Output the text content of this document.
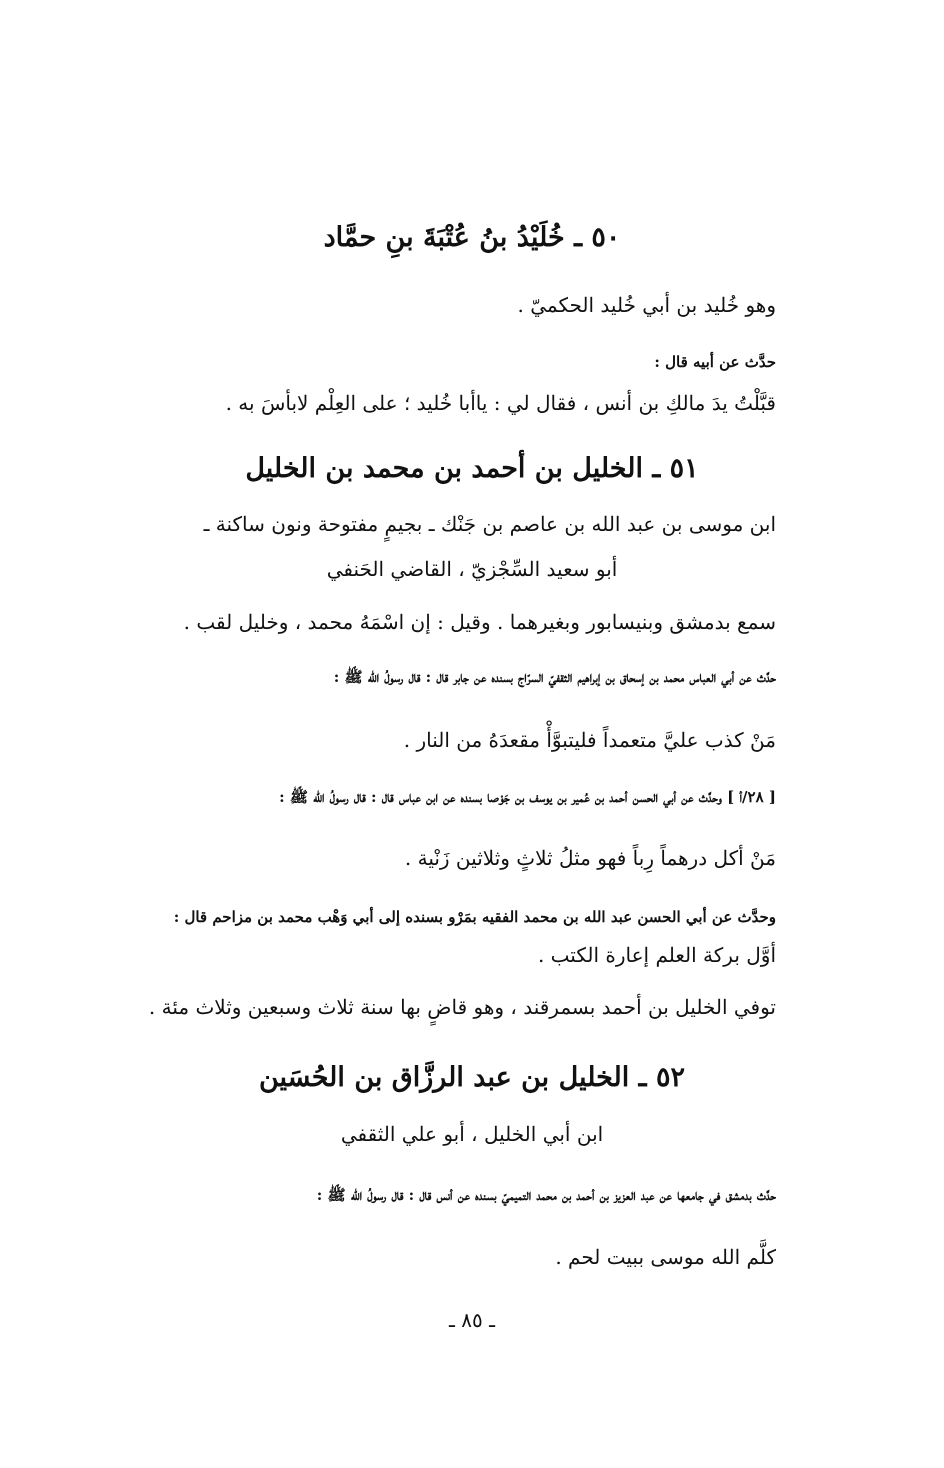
٥٠ ـ خُلَيْدُ بنُ عُتْبَةَ بنِ حمَّاد
وهو خُليد بن أبي خُليد الحكميّ .
حدَّث عن أبيه قال :
قبَّلْتُ يدَ مالكِ بن أنس ، فقال لي : ياأبا خُليد ؛ على العِلْم لابأسَ به .
٥١ ـ الخليل بن أحمد بن محمد بن الخليل
ابن موسى بن عبد الله بن عاصم بن جَنْك ـ بجيمٍ مفتوحة ونون ساكنة ـ
أبو سعيد السِّجْزيّ ، القاضي الحَنفي
سمع بدمشق وبنيسابور وبغيرهما . وقيل : إن اسْمَهُ محمد ، وخليل لقب .
حدَّث عن أبي العباس محمد بن إسحاق بن إبراهيم الثقفيّ السرّاج بسنده عن جابر قال : قال رسولُ الله ﷺ :
مَنْ كذب عليَّ متعمداً فليتبوَّأْ مقعدَهُ من النار .
[ ٢٨/أ ] وحدَّث عن أبي الحسن أحمد بن عُمير بن يوسف بن جَوْصا بسنده عن ابن عباس قال : قال رسولُ الله ﷺ :
مَنْ أكل درهماً رِباً فهو مثلُ ثلاثٍ وثلاثين زَنْية .
وحدَّث عن أبي الحسن عبد الله بن محمد الفقيه بمَرْو بسنده إلى أبي وَهْب محمد بن مزاحم قال :
أوَّل بركة العلم إعارة الكتب .
توفي الخليل بن أحمد بسمرقند ، وهو قاضٍ بها سنة ثلاث وسبعين وثلاث مئة .
٥٢ ـ الخليل بن عبد الرزَّاق بن الحُسَين
ابن أبي الخليل ، أبو علي الثقفي
حدَّث بدمشق في جامعها عن عبد العزيز بن أحمد بن محمد التميميّ بسنده عن أنس قال : قال رسولُ الله ﷺ :
كلَّم الله موسى ببيت لحم .
ـ ٨٥ ـ
